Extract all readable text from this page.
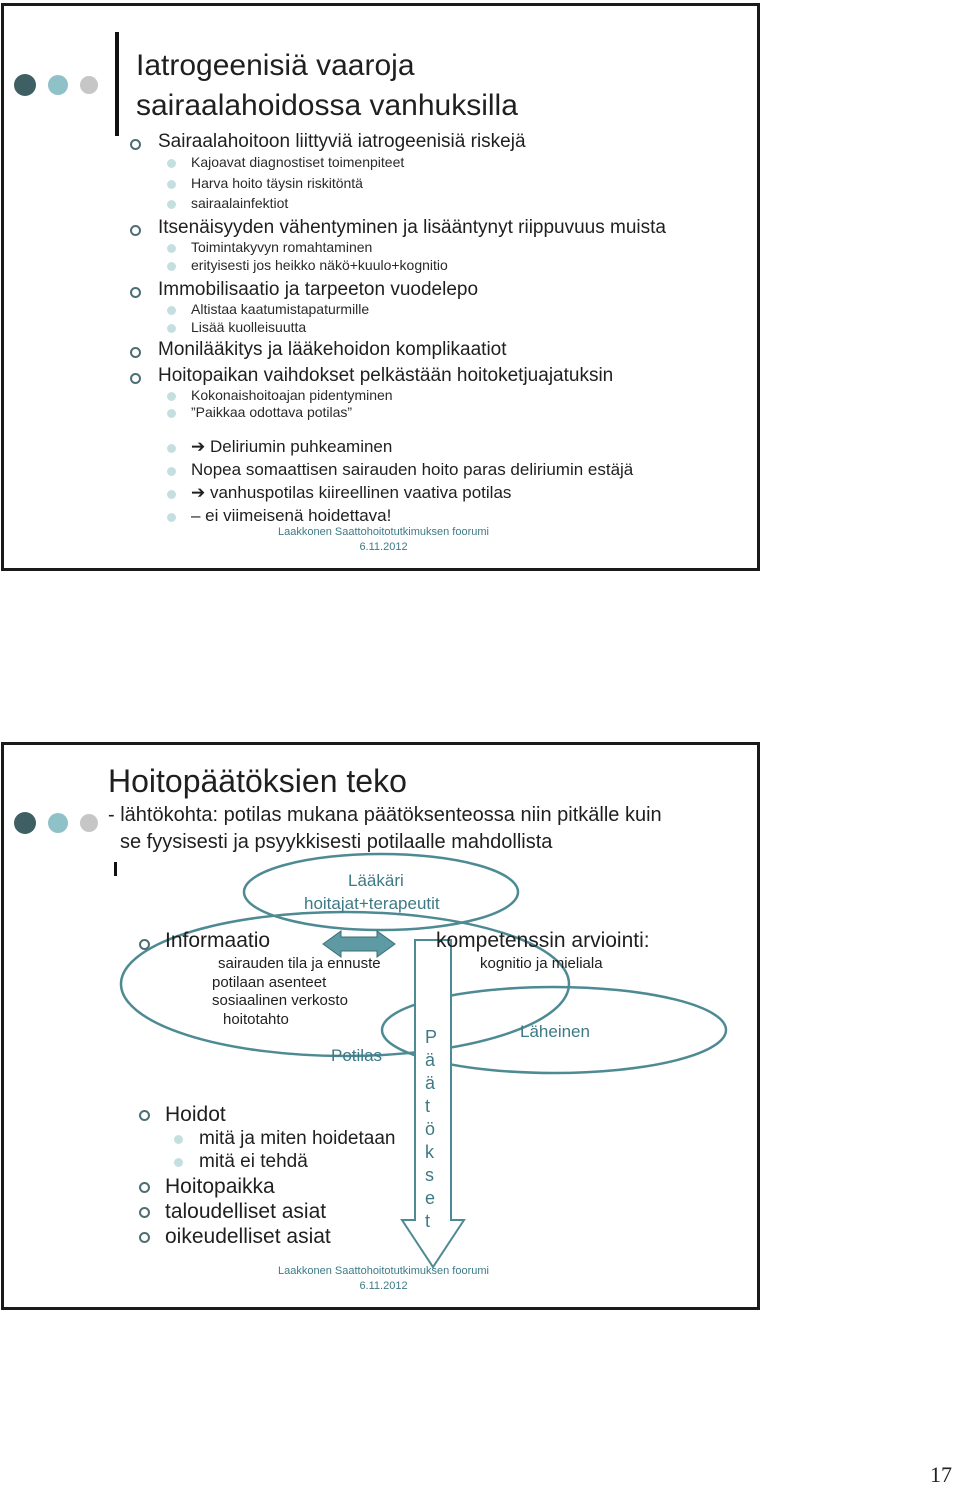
Iatrogeenisiä vaaroja
sairaalahoidossa vanhuksilla
Sairaalahoitoon liittyviä iatrogeenisiä riskejä
Kajoavat diagnostiset toimenpiteet
Harva hoito täysin riskitöntä
sairaalainfektiot
Itsenäisyyden vähentyminen ja lisääntynyt riippuvuus muista
Toimintakyvyn romahtaminen
erityisesti jos heikko näkö+kuulo+kognitio
Immobilisaatio ja tarpeeton vuodelepo
Altistaa kaatumistapaturmille
Lisää kuolleisuutta
Monilääkitys ja lääkehoidon komplikaatiot
Hoitopaikan vaihdokset pelkästään hoitoketjuajatuksin
Kokonaishoitoajan pidentyminen
”Paikkaa odottava potilas”
➔ Deliriumin puhkeaminen
Nopea somaattisen sairauden hoito paras deliriumin estäjä
➔ vanhuspotilas kiireellinen vaativa potilas
– ei viimeisenä hoidettava!
Laakkonen Saattohoitotutkimuksen foorumi
6.11.2012
Hoitopäätöksien teko
- lähtökohta: potilas mukana päätöksenteossa niin pitkälle kuin
se fyysisesti ja psyykkisesti potilaalle mahdollista
Lääkäri
hoitajat+terapeutit
Informaatio	kompetenssin arviointi:
kognitio ja mieliala
sairauden tila ja ennuste
potilaan asenteet
sosiaalinen verkosto
hoitotahto
Potilas
Läheinen
P
ä
ä
t
ö
k
s
e
t
Hoidot
mitä ja miten hoidetaan
mitä ei tehdä
Hoitopaikka
taloudelliset asiat
oikeudelliset asiat
Laakkonen Saattohoitotutkimuksen foorumi
6.11.2012
17
